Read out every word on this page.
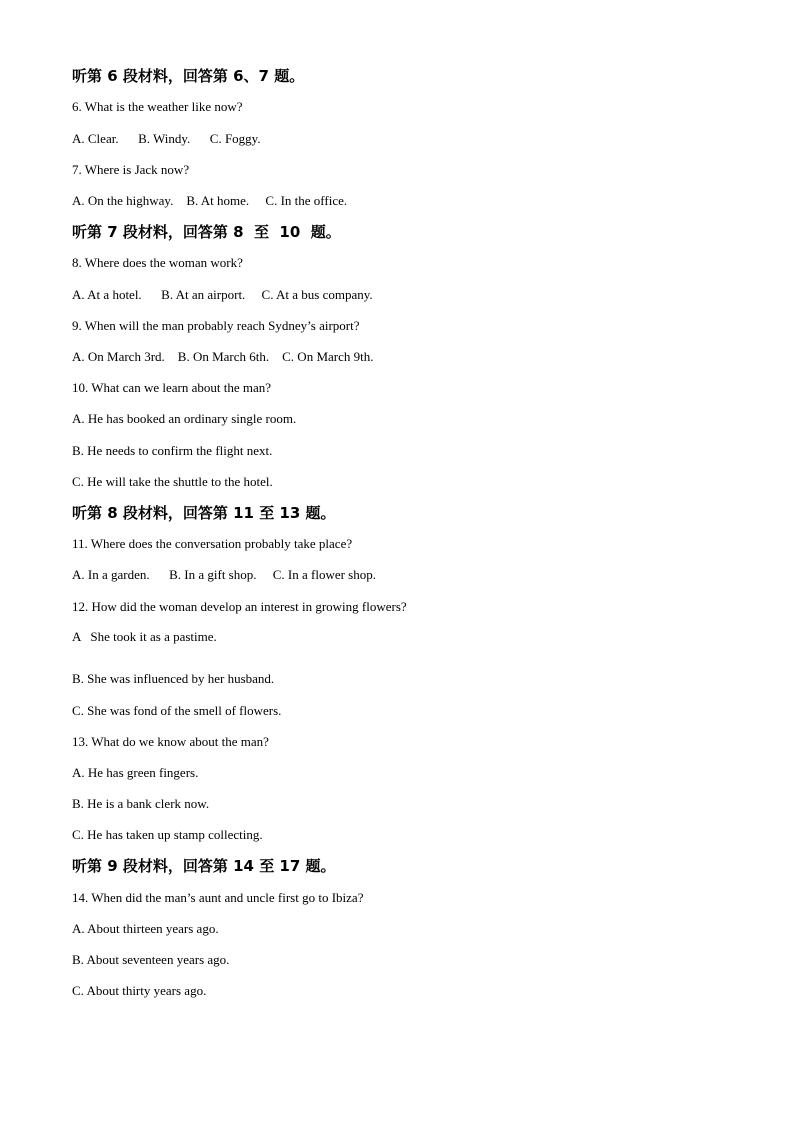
听第 6 段材料，回答第 6、7 题。
6. What is the weather like now?
A. Clear.      B. Windy.      C. Foggy.
7. Where is Jack now?
A. On the highway.    B. At home.     C. In the office.
听第 7 段材料，回答第 8  至  10  题。
8. Where does the woman work?
A. At a hotel.      B. At an airport.     C. At a bus company.
9. When will the man probably reach Sydney’s airport?
A. On March 3rd.    B. On March 6th.    C. On March 9th.
10. What can we learn about the man?
A. He has booked an ordinary single room.
B. He needs to confirm the flight next.
C. He will take the shuttle to the hotel.
听第 8 段材料，回答第 11 至 13 题。
11. Where does the conversation probably take place?
A. In a garden.      B. In a gift shop.     C. In a flower shop.
12. How did the woman develop an interest in growing flowers?
A   She took it as a pastime.
B. She was influenced by her husband.
C. She was fond of the smell of flowers.
13. What do we know about the man?
A. He has green fingers.
B. He is a bank clerk now.
C. He has taken up stamp collecting.
听第 9 段材料，回答第 14 至 17 题。
14. When did the man’s aunt and uncle first go to Ibiza?
A. About thirteen years ago.
B. About seventeen years ago.
C. About thirty years ago.
